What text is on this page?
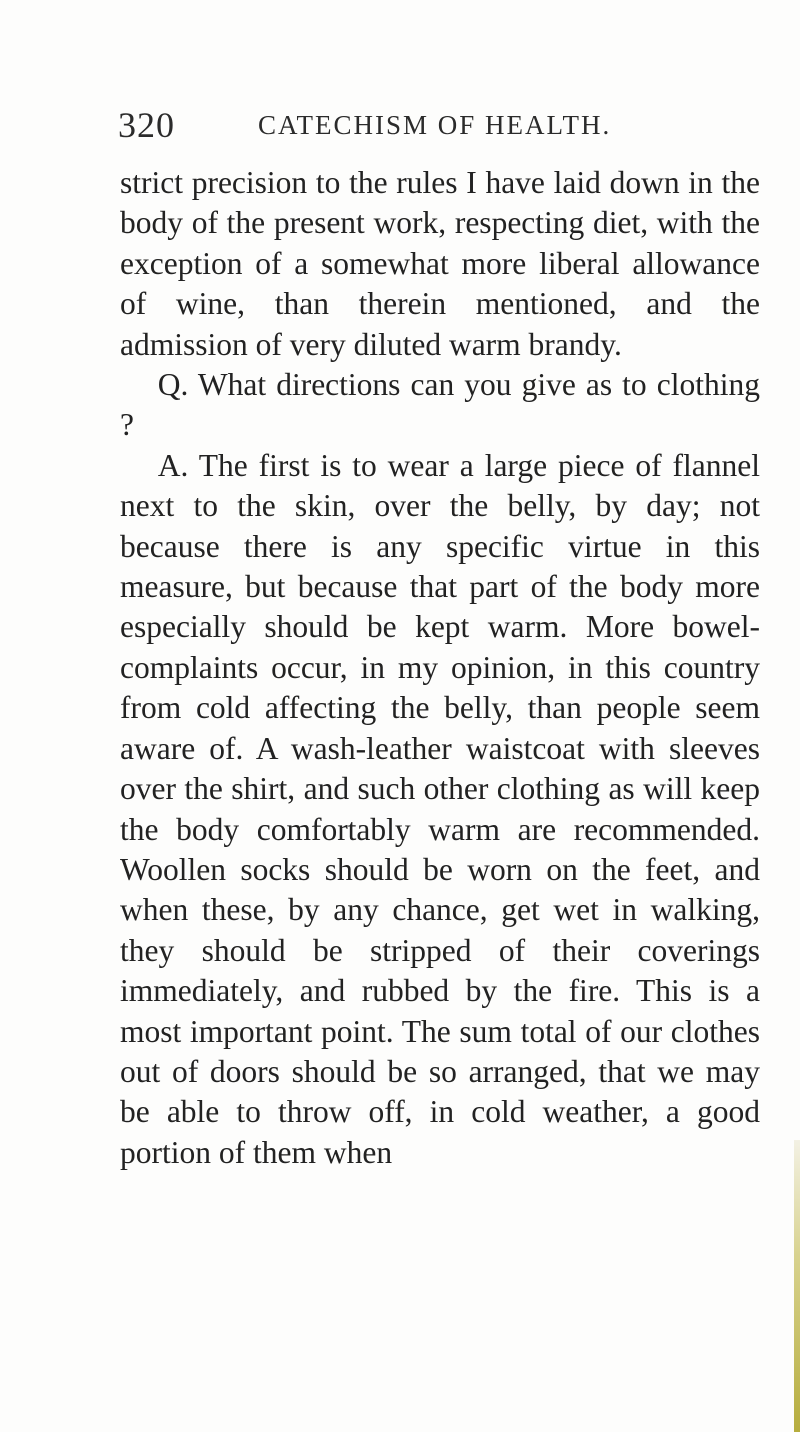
320	CATECHISM OF HEALTH.

strict precision to the rules I have laid down in the body of the present work, respecting diet, with the exception of a somewhat more liberal allowance of wine, than therein mentioned, and the admission of very diluted warm brandy.

Q. What directions can you give as to clothing ?

A. The first is to wear a large piece of flannel next to the skin, over the belly, by day; not because there is any specific virtue in this measure, but because that part of the body more especially should be kept warm. More bowel-complaints occur, in my opinion, in this country from cold affecting the belly, than people seem aware of. A wash-leather waistcoat with sleeves over the shirt, and such other clothing as will keep the body comfortably warm are recommended. Woollen socks should be worn on the feet, and when these, by any chance, get wet in walking, they should be stripped of their coverings immediately, and rubbed by the fire. This is a most important point. The sum total of our clothes out of doors should be so arranged, that we may be able to throw off, in cold weather, a good portion of them when
